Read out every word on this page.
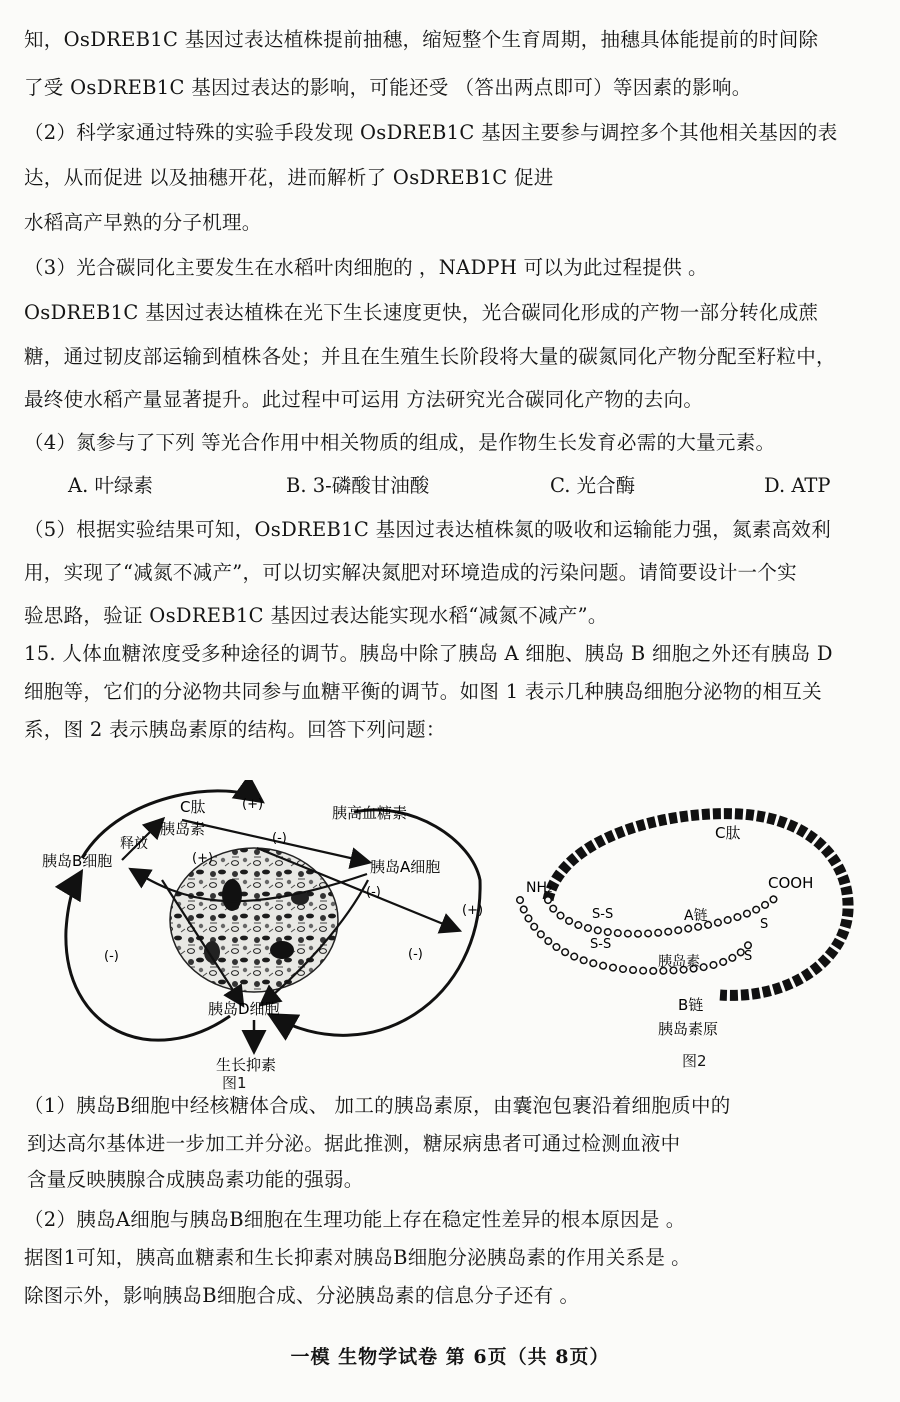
知，OsDREB1C 基因过表达植株提前抽穗，缩短整个生育周期，抽穗具体能提前的时间除
了受 OsDREB1C 基因过表达的影响，可能还受 （答出两点即可）等因素的影响。
（2）科学家通过特殊的实验手段发现 OsDREB1C 基因主要参与调控多个其他相关基因的表
达，从而促进 以及抽穗开花，进而解析了 OsDREB1C 促进
水稻高产早熟的分子机理。
（3）光合碳同化主要发生在水稻叶肉细胞的 ，NADPH 可以为此过程提供 。
OsDREB1C 基因过表达植株在光下生长速度更快，光合碳同化形成的产物一部分转化成蔗
糖，通过韧皮部运输到植株各处；并且在生殖生长阶段将大量的碳氮同化产物分配至籽粒中，
最终使水稻产量显著提升。此过程中可运用 方法研究光合碳同化产物的去向。
（4）氮参与了下列 等光合作用中相关物质的组成，是作物生长发育必需的大量元素。
A. 叶绿素	B. 3-磷酸甘油酸	C. 光合酶	D. ATP
（5）根据实验结果可知，OsDREB1C 基因过表达植株氮的吸收和运输能力强，氮素高效利
用，实现了“减氮不减产”，可以切实解决氮肥对环境造成的污染问题。请简要设计一个实
验思路，验证 OsDREB1C 基因过表达能实现水稻“减氮不减产”。
15. 人体血糖浓度受多种途径的调节。胰岛中除了胰岛 A 细胞、胰岛 B 细胞之外还有胰岛 D
细胞等，它们的分泌物共同参与血糖平衡的调节。如图 1 表示几种胰岛细胞分泌物的相互关
系，图 2 表示胰岛素原的结构。回答下列问题：
C肽	(+)	胰高血糖素
胰岛素
(-)
释放
(+)
胰岛B细胞	胰岛A细胞
(-)
(+)
(-)	(-)
胰岛D细胞
生长抑素
图1
C肽
NH₂	COOH
S-S	A链
S
S-S
S
胰岛素
B链
胰岛素原
图2
（1）胰岛B细胞中经核糖体合成、 加工的胰岛素原，由囊泡包裹沿着细胞质中的
到达高尔基体进一步加工并分泌。据此推测，糖尿病患者可通过检测血液中
含量反映胰腺合成胰岛素功能的强弱。
（2）胰岛A细胞与胰岛B细胞在生理功能上存在稳定性差异的根本原因是 。
据图1可知，胰高血糖素和生长抑素对胰岛B细胞分泌胰岛素的作用关系是 。
除图示外，影响胰岛B细胞合成、分泌胰岛素的信息分子还有 。
一模 生物学试卷 第 6页（共 8页）
